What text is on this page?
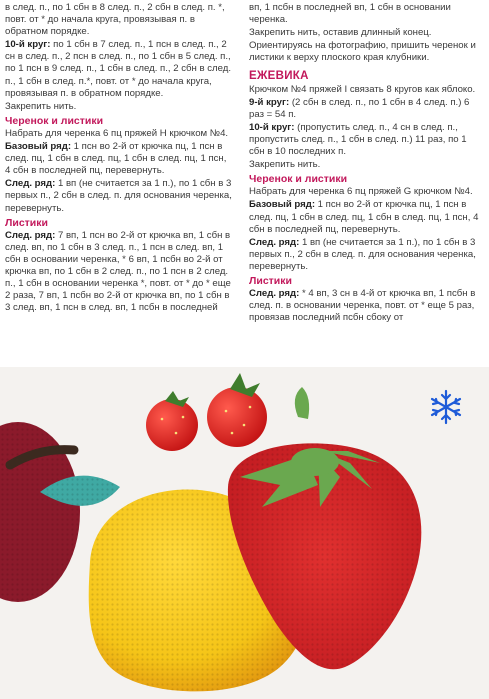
в след. п., по 1 сбн в 8 след. п., 2 сбн в след. п. *, повт. от * до начала круга, провязывая п. в обратном порядке.

10-й круг: по 1 сбн в 7 след. п., 1 псн в след. п., 2 сн в след. п., 2 псн в след. п., по 1 сбн в 5 след. п., по 1 псн в 9 след. п., 1 сбн в след. п., 2 сбн в след. п., 1 сбн в след. п.*, повт. от * до начала круга, провязывая п. в обратном порядке.

Закрепить нить.

Черенок и листики

Набрать для черенка 6 пц пряжей H крючком №4.

Базовый ряд: 1 псн во 2-й от крючка пц, 1 псн в след. пц, 1 сбн в след. пц, 1 сбн в след. пц, 1 псн, 4 сбн в последней пц, перевернуть.

След. ряд: 1 вп (не считается за 1 п.), по 1 сбн в 3 первых п., 2 сбн в след. п. для основания черенка, перевернуть.

Листики

След. ряд: 7 вп, 1 псн во 2-й от крючка вп, 1 сбн в след. вп, по 1 сбн в 3 след. п., 1 псн в след. вп, 1 сбн в основании черенка, * 6 вп, 1 псбн во 2-й от крючка вп, по 1 сбн в 2 след. п., по 1 псн в 2 след. п., 1 сбн в основании черенка *, повт. от * до * еще 2 раза, 7 вп, 1 псбн во 2-й от крючка вп, по 1 сбн в 3 след. вп, 1 псн в след. вп, 1 псбн в последней

вп, 1 псбн в последней вп, 1 сбн в основании черенка.

Закрепить нить, оставив длинный конец.

Ориентируясь на фотографию, пришить черенок и листики к верху плоского края клубники.

ЕЖЕВИКА

Крючком №4 пряжей I связать 8 кругов как яблоко.

9-й круг: (2 сбн в след. п., по 1 сбн в 4 след. п.) 6 раз = 54 п.

10-й круг: (пропустить след. п., 4 сн в след. п., пропустить след. п., 1 сбн в след. п.) 11 раз, по 1 сбн в 10 последних п.

Закрепить нить.

Черенок и листики

Набрать для черенка 6 пц пряжей G крючком №4.

Базовый ряд: 1 псн во 2-й от крючка пц, 1 псн в след. пц, 1 сбн в след. пц, 1 сбн в след. пц, 1 псн, 4 сбн в последней пц, перевернуть.

След. ряд: 1 вп (не считается за 1 п.), по 1 сбн в 3 первых п., 2 сбн в след. п. для основания черенка, перевернуть.

Листики

След. ряд: * 4 вп, 3 сн в 4-й от крючка вп, 1 псбн в след. п. в основании черенка, повт. от * еще 5 раз, провязав последний псбн сбоку от
